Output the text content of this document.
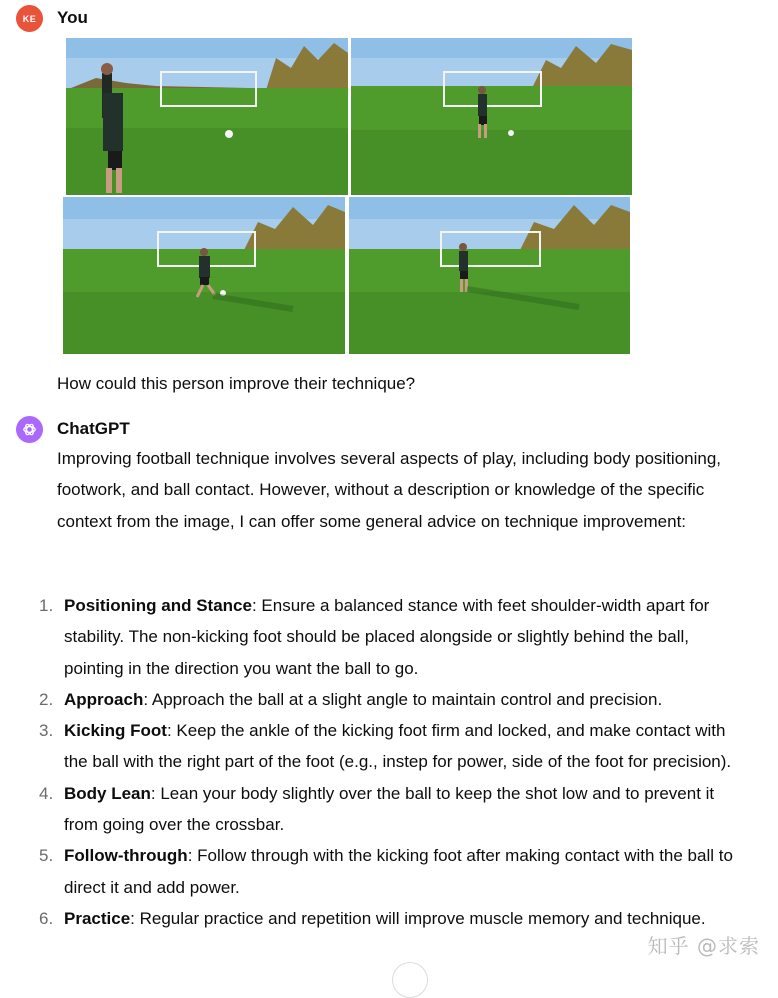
KE	You
How could this person improve their technique?
ChatGPT
Improving football technique involves several aspects of play, including body positioning, footwork, and ball contact. However, without a description or knowledge of the specific context from the image, I can offer some general advice on technique improvement:
1. Positioning and Stance: Ensure a balanced stance with feet shoulder-width apart for stability. The non-kicking foot should be placed alongside or slightly behind the ball, pointing in the direction you want the ball to go.
2. Approach: Approach the ball at a slight angle to maintain control and precision.
3. Kicking Foot: Keep the ankle of the kicking foot firm and locked, and make contact with the ball with the right part of the foot (e.g., instep for power, side of the foot for precision).
4. Body Lean: Lean your body slightly over the ball to keep the shot low and to prevent it from going over the crossbar.
5. Follow-through: Follow through with the kicking foot after making contact with the ball to direct it and add power.
6. Practice: Regular practice and repetition will improve muscle memory and technique.
知乎 @求索
